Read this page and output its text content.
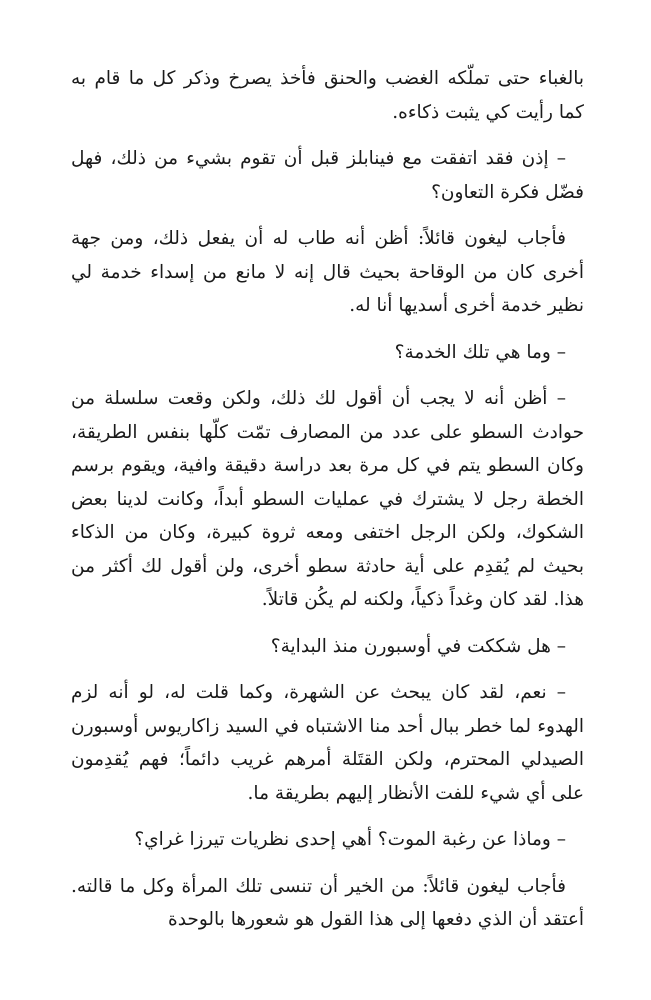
بالغباء حتى تملّكه الغضب والحنق فأخذ يصرخ وذكر كل ما قام به كما رأيت كي يثبت ذكاءه.

– إذن فقد اتفقت مع فينابلز قبل أن تقوم بشيء من ذلك، فهل فضّل فكرة التعاون؟

فأجاب ليغون قائلاً: أظن أنه طاب له أن يفعل ذلك، ومن جهة أخرى كان من الوقاحة بحيث قال إنه لا مانع من إسداء خدمة لي نظير خدمة أخرى أسديها أنا له.

– وما هي تلك الخدمة؟

– أظن أنه لا يجب أن أقول لك ذلك، ولكن وقعت سلسلة من حوادث السطو على عدد من المصارف تمّت كلّها بنفس الطريقة، وكان السطو يتم في كل مرة بعد دراسة دقيقة وافية، ويقوم برسم الخطة رجل لا يشترك في عمليات السطو أبداً، وكانت لدينا بعض الشكوك، ولكن الرجل اختفى ومعه ثروة كبيرة، وكان من الذكاء بحيث لم يُقدِم على أية حادثة سطو أخرى، ولن أقول لك أكثر من هذا. لقد كان وغداً ذكياً، ولكنه لم يكُن قاتلاً.

– هل شككت في أوسبورن منذ البداية؟

– نعم، لقد كان يبحث عن الشهرة، وكما قلت له، لو أنه لزم الهدوء لما خطر ببال أحد منا الاشتباه في السيد زاكاريوس أوسبورن الصيدلي المحترم، ولكن القتَلة أمرهم غريب دائماً؛ فهم يُقدِمون على أي شيء للفت الأنظار إليهم بطريقة ما.

– وماذا عن رغبة الموت؟ أهي إحدى نظريات تيرزا غراي؟

فأجاب ليغون قائلاً: من الخير أن تنسى تلك المرأة وكل ما قالته. أعتقد أن الذي دفعها إلى هذا القول هو شعورها بالوحدة
